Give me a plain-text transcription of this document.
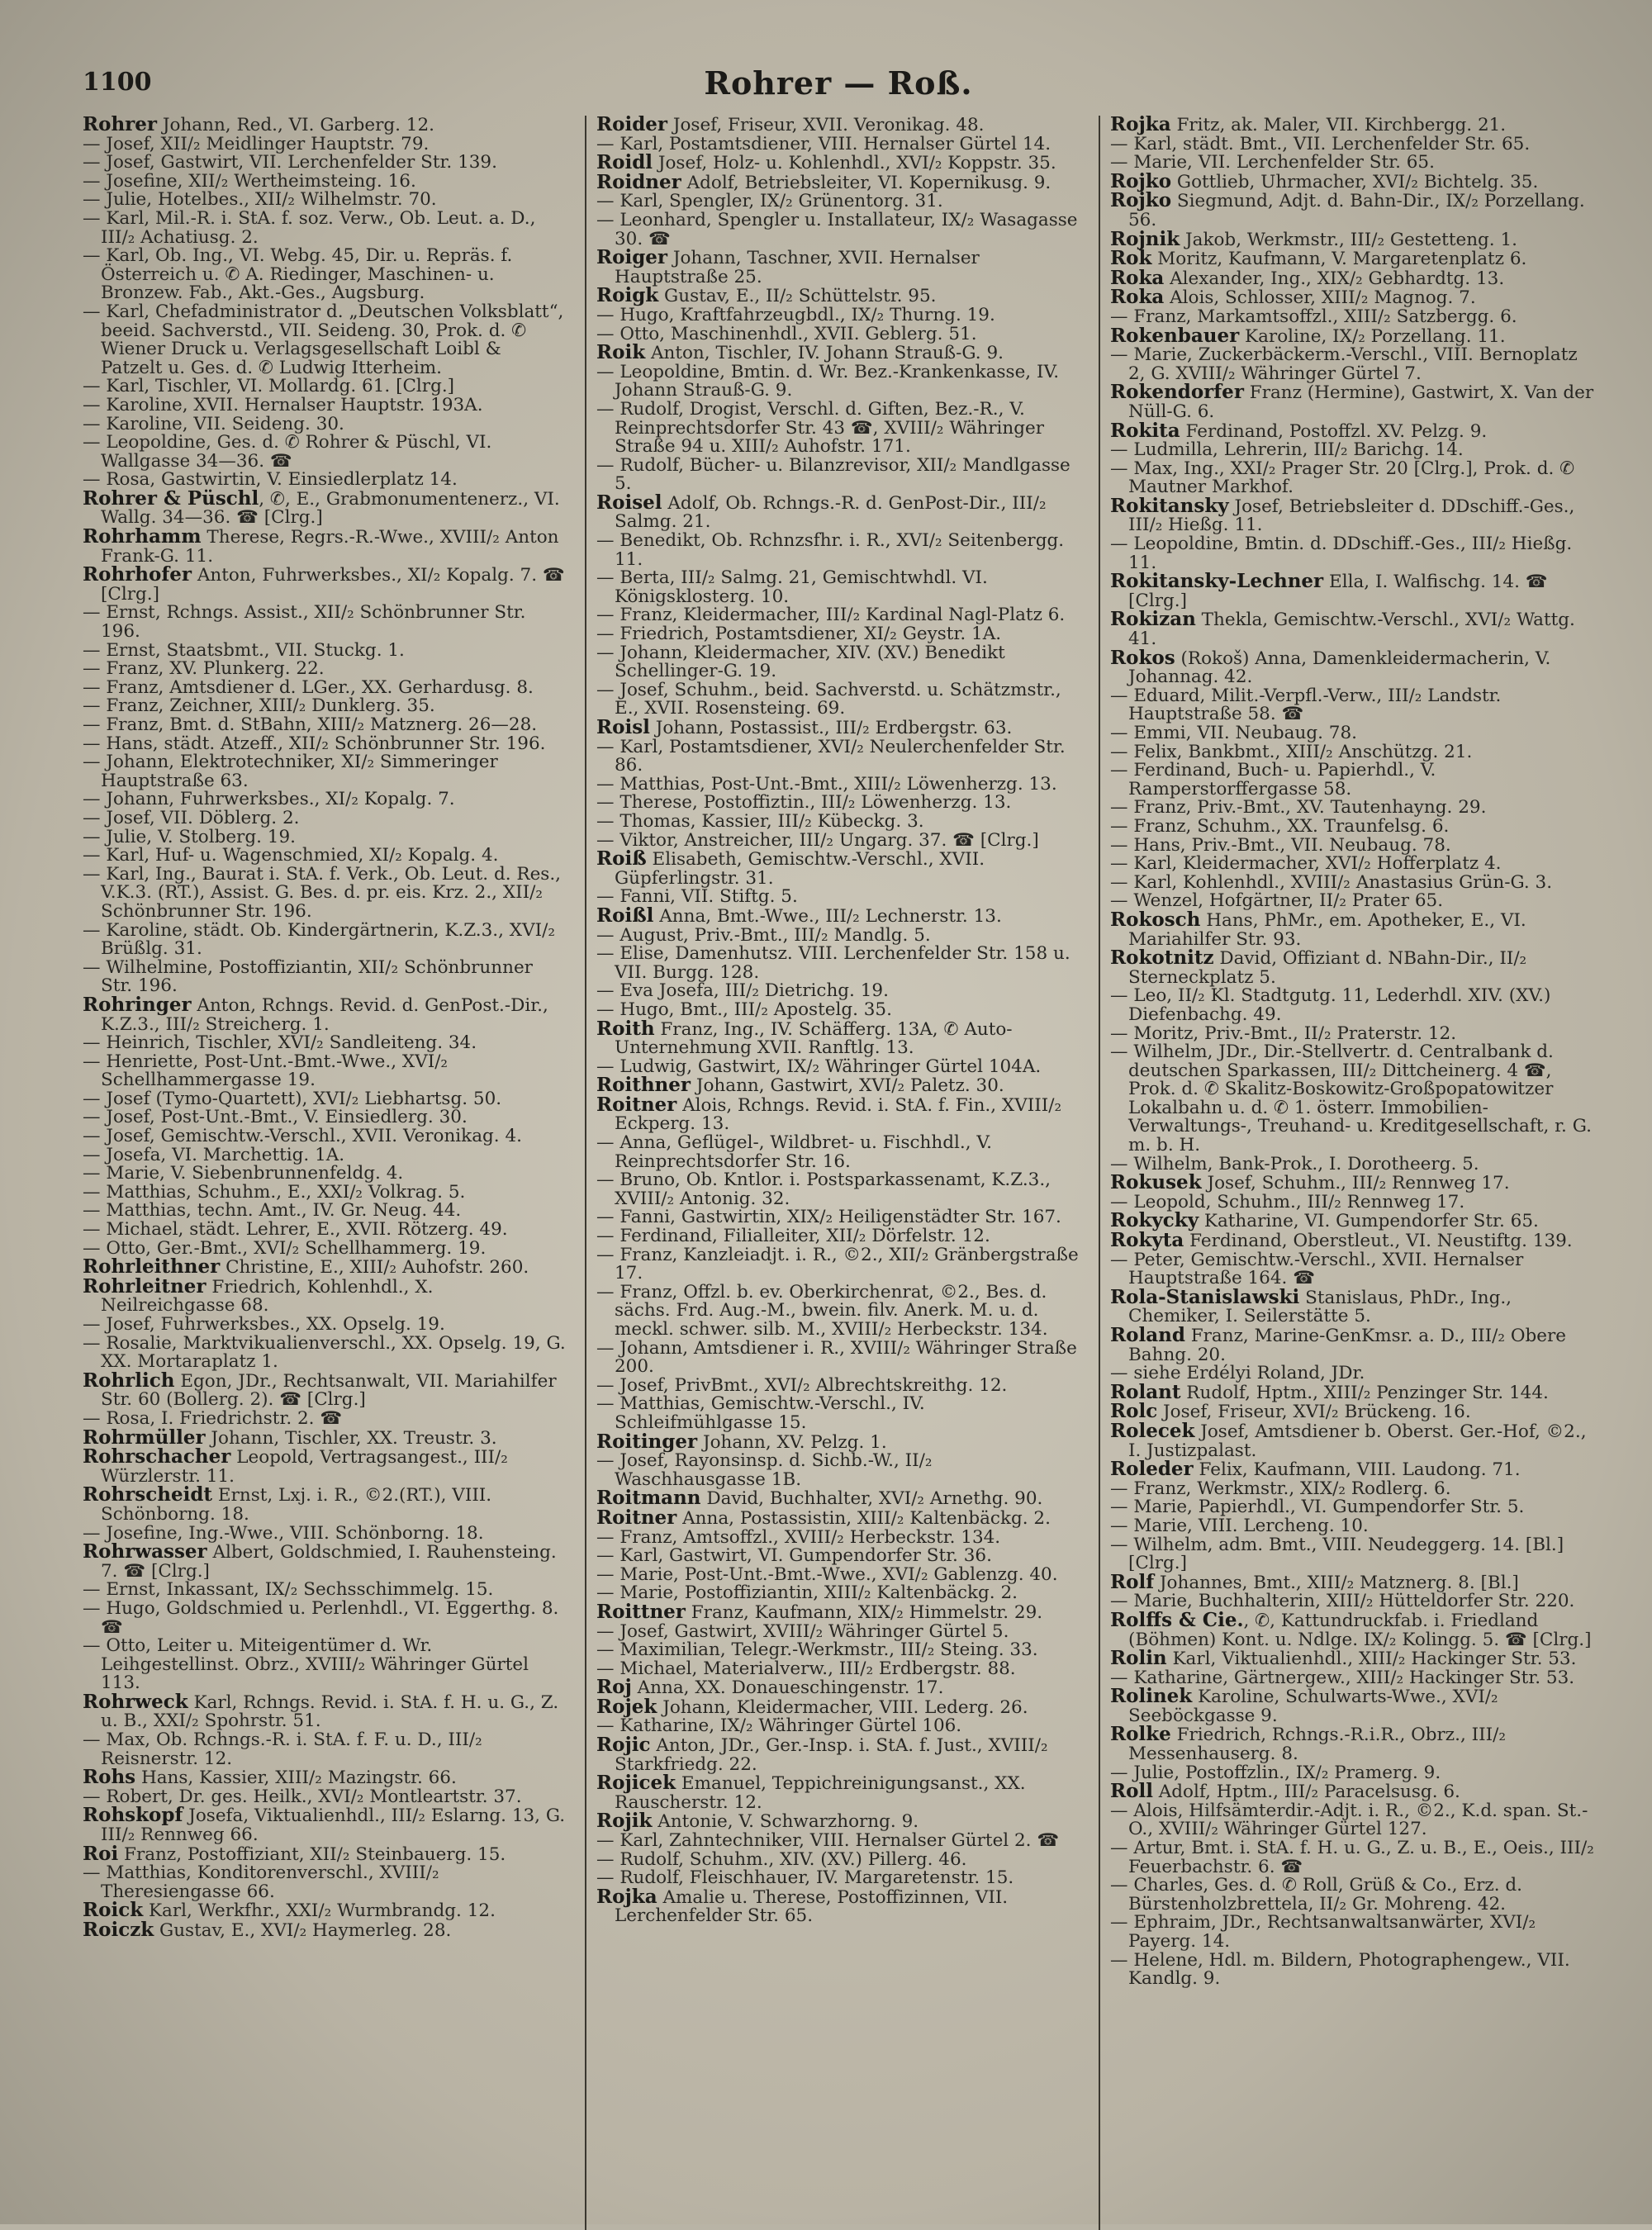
1100	Rohrer — Roß.

Rohrer Johann, Red., VI. Garberg. 12.

— Josef, XII/₂ Meidlinger Hauptstr. 79.

— Josef, Gastwirt, VII. Lerchenfelder Str. 139.

— Josefine, XII/₂ Wertheimsteing. 16.

— Julie, Hotelbes., XII/₂ Wilhelmstr. 70.

— Karl, Mil.-R. i. StA. f. soz. Verw., Ob. Leut. a. D., III/₂ Achatiusg. 2.

— Karl, Ob. Ing., VI. Webg. 45, Dir. u. Repräs. f. Österreich u. ✆ A. Riedinger, Maschinen- u. Bronzew. Fab., Akt.-Ges., Augsburg.

— Karl, Chefadministrator d. „Deutschen Volksblatt“, beeid. Sachverstd., VII. Seideng. 30, Prok. d. ✆ Wiener Druck u. Verlagsgesellschaft Loibl & Patzelt u. Ges. d. ✆ Ludwig Itterheim.

— Karl, Tischler, VI. Mollardg. 61. [Clrg.]

— Karoline, XVII. Hernalser Hauptstr. 193A.

— Karoline, VII. Seideng. 30.

— Leopoldine, Ges. d. ✆ Rohrer & Püschl, VI. Wallgasse 34—36. ☎

— Rosa, Gastwirtin, V. Einsiedlerplatz 14.

Rohrer & Püschl, ✆, E., Grabmonumentenerz., VI. Wallg. 34—36. ☎ [Clrg.]

Rohrhamm Therese, Regrs.-R.-Wwe., XVIII/₂ Anton Frank-G. 11.

Rohrhofer Anton, Fuhrwerksbes., XI/₂ Kopalg. 7. ☎ [Clrg.]

— Ernst, Rchngs. Assist., XII/₂ Schönbrunner Str. 196.

— Ernst, Staatsbmt., VII. Stuckg. 1.

— Franz, XV. Plunkerg. 22.

— Franz, Amtsdiener d. LGer., XX. Gerhardusg. 8.

— Franz, Zeichner, XIII/₂ Dunklerg. 35.

— Franz, Bmt. d. StBahn, XIII/₂ Matznerg. 26—28.

— Hans, städt. Atzeff., XII/₂ Schönbrunner Str. 196.

— Johann, Elektrotechniker, XI/₂ Simmeringer Hauptstraße 63.

— Johann, Fuhrwerksbes., XI/₂ Kopalg. 7.

— Josef, VII. Döblerg. 2.

— Julie, V. Stolberg. 19.

— Karl, Huf- u. Wagenschmied, XI/₂ Kopalg. 4.

— Karl, Ing., Baurat i. StA. f. Verk., Ob. Leut. d. Res., V.K.3. (RT.), Assist. G. Bes. d. pr. eis. Krz. 2., XII/₂ Schönbrunner Str. 196.

— Karoline, städt. Ob. Kindergärtnerin, K.Z.3., XVI/₂ Brüßlg. 31.

— Wilhelmine, Postoffiziantin, XII/₂ Schönbrunner Str. 196.

Rohringer Anton, Rchngs. Revid. d. GenPost.-Dir., K.Z.3., III/₂ Streicherg. 1.

— Heinrich, Tischler, XVI/₂ Sandleiteng. 34.

— Henriette, Post-Unt.-Bmt.-Wwe., XVI/₂ Schellhammergasse 19.

— Josef (Tymo-Quartett), XVI/₂ Liebhartsg. 50.

— Josef, Post-Unt.-Bmt., V. Einsiedlerg. 30.

— Josef, Gemischtw.-Verschl., XVII. Veronikag. 4.

— Josefa, VI. Marchettig. 1A.

— Marie, V. Siebenbrunnenfeldg. 4.

— Matthias, Schuhm., E., XXI/₂ Volkrag. 5.

— Matthias, techn. Amt., IV. Gr. Neug. 44.

— Michael, städt. Lehrer, E., XVII. Rötzerg. 49.

— Otto, Ger.-Bmt., XVI/₂ Schellhammerg. 19.

Rohrleithner Christine, E., XIII/₂ Auhofstr. 260.

Rohrleitner Friedrich, Kohlenhdl., X. Neilreichgasse 68.

— Josef, Fuhrwerksbes., XX. Opselg. 19.

— Rosalie, Marktvikualienverschl., XX. Opselg. 19, G. XX. Mortaraplatz 1.

Rohrlich Egon, JDr., Rechtsanwalt, VII. Mariahilfer Str. 60 (Bollerg. 2). ☎ [Clrg.]

— Rosa, I. Friedrichstr. 2. ☎

Rohrmüller Johann, Tischler, XX. Treustr. 3.

Rohrschacher Leopold, Vertragsangest., III/₂ Würzlerstr. 11.

Rohrscheidt Ernst, Lxj. i. R., ©2.(RT.), VIII. Schönborng. 18.

— Josefine, Ing.-Wwe., VIII. Schönborng. 18.

Rohrwasser Albert, Goldschmied, I. Rauhensteing. 7. ☎ [Clrg.]

— Ernst, Inkassant, IX/₂ Sechsschimmelg. 15.

— Hugo, Goldschmied u. Perlenhdl., VI. Eggerthg. 8. ☎

— Otto, Leiter u. Miteigentümer d. Wr. Leihgestellinst. Obrz., XVIII/₂ Währinger Gürtel 113.

Rohrweck Karl, Rchngs. Revid. i. StA. f. H. u. G., Z. u. B., XXI/₂ Spohrstr. 51.

— Max, Ob. Rchngs.-R. i. StA. f. F. u. D., III/₂ Reisnerstr. 12.

Rohs Hans, Kassier, XIII/₂ Mazingstr. 66.

— Robert, Dr. ges. Heilk., XVI/₂ Montleartstr. 37.

Rohskopf Josefa, Viktualienhdl., III/₂ Eslarng. 13, G. III/₂ Rennweg 66.

Roi Franz, Postoffiziant, XII/₂ Steinbauerg. 15.

— Matthias, Konditorenverschl., XVIII/₂ Theresiengasse 66.

Roick Karl, Werkfhr., XXI/₂ Wurmbrandg. 12.

Roiczk Gustav, E., XVI/₂ Haymerleg. 28.

Roider Josef, Friseur, XVII. Veronikag. 48.

— Karl, Postamtsdiener, VIII. Hernalser Gürtel 14.

Roidl Josef, Holz- u. Kohlenhdl., XVI/₂ Koppstr. 35.

Roidner Adolf, Betriebsleiter, VI. Kopernikusg. 9.

— Karl, Spengler, IX/₂ Grünentorg. 31.

— Leonhard, Spengler u. Installateur, IX/₂ Wasagasse 30. ☎

Roiger Johann, Taschner, XVII. Hernalser Hauptstraße 25.

Roigk Gustav, E., II/₂ Schüttelstr. 95.

— Hugo, Kraftfahrzeugbdl., IX/₂ Thurng. 19.

— Otto, Maschinenhdl., XVII. Geblerg. 51.

Roik Anton, Tischler, IV. Johann Strauß-G. 9.

— Leopoldine, Bmtin. d. Wr. Bez.-Krankenkasse, IV. Johann Strauß-G. 9.

— Rudolf, Drogist, Verschl. d. Giften, Bez.-R., V. Reinprechtsdorfer Str. 43 ☎, XVIII/₂ Währinger Straße 94 u. XIII/₂ Auhofstr. 171.

— Rudolf, Bücher- u. Bilanzrevisor, XII/₂ Mandlgasse 5.

Roisel Adolf, Ob. Rchngs.-R. d. GenPost-Dir., III/₂ Salmg. 21.

— Benedikt, Ob. Rchnzsfhr. i. R., XVI/₂ Seitenbergg. 11.

— Berta, III/₂ Salmg. 21, Gemischtwhdl. VI. Königsklosterg. 10.

— Franz, Kleidermacher, III/₂ Kardinal Nagl-Platz 6.

— Friedrich, Postamtsdiener, XI/₂ Geystr. 1A.

— Johann, Kleidermacher, XIV. (XV.) Benedikt Schellinger-G. 19.

— Josef, Schuhm., beid. Sachverstd. u. Schätzmstr., E., XVII. Rosensteing. 69.

Roisl Johann, Postassist., III/₂ Erdbergstr. 63.

— Karl, Postamtsdiener, XVI/₂ Neulerchenfelder Str. 86.

— Matthias, Post-Unt.-Bmt., XIII/₂ Löwenherzg. 13.

— Therese, Postoffiztin., III/₂ Löwenherzg. 13.

— Thomas, Kassier, III/₂ Kübeckg. 3.

— Viktor, Anstreicher, III/₂ Ungarg. 37. ☎ [Clrg.]

Roiß Elisabeth, Gemischtw.-Verschl., XVII. Güpferlingstr. 31.

— Fanni, VII. Stiftg. 5.

Roißl Anna, Bmt.-Wwe., III/₂ Lechnerstr. 13.

— August, Priv.-Bmt., III/₂ Mandlg. 5.

— Elise, Damenhutsz. VIII. Lerchenfelder Str. 158 u. VII. Burgg. 128.

— Eva Josefa, III/₂ Dietrichg. 19.

— Hugo, Bmt., III/₂ Apostelg. 35.

Roith Franz, Ing., IV. Schäfferg. 13A, ✆ Auto-Unternehmung XVII. Ranftlg. 13.

— Ludwig, Gastwirt, IX/₂ Währinger Gürtel 104A.

Roithner Johann, Gastwirt, XVI/₂ Paletz. 30.

Roitner Alois, Rchngs. Revid. i. StA. f. Fin., XVIII/₂ Eckperg. 13.

— Anna, Geflügel-, Wildbret- u. Fischhdl., V. Reinprechtsdorfer Str. 16.

— Bruno, Ob. Kntlor. i. Postsparkassenamt, K.Z.3., XVIII/₂ Antonig. 32.

— Fanni, Gastwirtin, XIX/₂ Heiligenstädter Str. 167.

— Ferdinand, Filialleiter, XII/₂ Dörfelstr. 12.

— Franz, Kanzleiadjt. i. R., ©2., XII/₂ Gränbergstraße 17.

— Franz, Offzl. b. ev. Oberkirchenrat, ©2., Bes. d. sächs. Frd. Aug.-M., bwein. filv. Anerk. M. u. d. meckl. schwer. silb. M., XVIII/₂ Herbeckstr. 134.

— Johann, Amtsdiener i. R., XVIII/₂ Währinger Straße 200.

— Josef, PrivBmt., XVI/₂ Albrechtskreithg. 12.

— Matthias, Gemischtw.-Verschl., IV. Schleifmühlgasse 15.

Roitinger Johann, XV. Pelzg. 1.

— Josef, Rayonsinsp. d. Sichb.-W., II/₂ Waschhausgasse 1B.

Roitmann David, Buchhalter, XVI/₂ Arnethg. 90.

Roitner Anna, Postassistin, XIII/₂ Kaltenbäckg. 2.

— Franz, Amtsoffzl., XVIII/₂ Herbeckstr. 134.

— Karl, Gastwirt, VI. Gumpendorfer Str. 36.

— Marie, Post-Unt.-Bmt.-Wwe., XVI/₂ Gablenzg. 40.

— Marie, Postoffiziantin, XIII/₂ Kaltenbäckg. 2.

Roittner Franz, Kaufmann, XIX/₂ Himmelstr. 29.

— Josef, Gastwirt, XVIII/₂ Währinger Gürtel 5.

— Maximilian, Telegr.-Werkmstr., III/₂ Steing. 33.

— Michael, Materialverw., III/₂ Erdbergstr. 88.

Roj Anna, XX. Donaueschingenstr. 17.

Rojek Johann, Kleidermacher, VIII. Lederg. 26.

— Katharine, IX/₂ Währinger Gürtel 106.

Rojic Anton, JDr., Ger.-Insp. i. StA. f. Just., XVIII/₂ Starkfriedg. 22.

Rojicek Emanuel, Teppichreinigungsanst., XX. Rauscherstr. 12.

Rojik Antonie, V. Schwarzhorng. 9.

— Karl, Zahntechniker, VIII. Hernalser Gürtel 2. ☎

— Rudolf, Schuhm., XIV. (XV.) Pillerg. 46.

— Rudolf, Fleischhauer, IV. Margaretenstr. 15.

Rojka Amalie u. Therese, Postoffizinnen, VII. Lerchenfelder Str. 65.

Rojka Fritz, ak. Maler, VII. Kirchbergg. 21.

— Karl, städt. Bmt., VII. Lerchenfelder Str. 65.

— Marie, VII. Lerchenfelder Str. 65.

Rojko Gottlieb, Uhrmacher, XVI/₂ Bichtelg. 35.

Rojko Siegmund, Adjt. d. Bahn-Dir., IX/₂ Porzellang. 56.

Rojnik Jakob, Werkmstr., III/₂ Gestetteng. 1.

Rok Moritz, Kaufmann, V. Margaretenplatz 6.

Roka Alexander, Ing., XIX/₂ Gebhardtg. 13.

Roka Alois, Schlosser, XIII/₂ Magnog. 7.

— Franz, Markamtsoffzl., XIII/₂ Satzbergg. 6.

Rokenbauer Karoline, IX/₂ Porzellang. 11.

— Marie, Zuckerbäckerm.-Verschl., VIII. Bernoplatz 2, G. XVIII/₂ Währinger Gürtel 7.

Rokendorfer Franz (Hermine), Gastwirt, X. Van der Nüll-G. 6.

Rokita Ferdinand, Postoffzl. XV. Pelzg. 9.

— Ludmilla, Lehrerin, III/₂ Barichg. 14.

— Max, Ing., XXI/₂ Prager Str. 20 [Clrg.], Prok. d. ✆ Mautner Markhof.

Rokitansky Josef, Betriebsleiter d. DDschiff.-Ges., III/₂ Hießg. 11.

— Leopoldine, Bmtin. d. DDschiff.-Ges., III/₂ Hießg. 11.

Rokitansky-Lechner Ella, I. Walfischg. 14. ☎ [Clrg.]

Rokizan Thekla, Gemischtw.-Verschl., XVI/₂ Wattg. 41.

Rokos (Rokoš) Anna, Damenkleidermacherin, V. Johannag. 42.

— Eduard, Milit.-Verpfl.-Verw., III/₂ Landstr. Hauptstraße 58. ☎

— Emmi, VII. Neubaug. 78.

— Felix, Bankbmt., XIII/₂ Anschützg. 21.

— Ferdinand, Buch- u. Papierhdl., V. Ramperstorffergasse 58.

— Franz, Priv.-Bmt., XV. Tautenhayng. 29.

— Franz, Schuhm., XX. Traunfelsg. 6.

— Hans, Priv.-Bmt., VII. Neubaug. 78.

— Karl, Kleidermacher, XVI/₂ Hofferplatz 4.

— Karl, Kohlenhdl., XVIII/₂ Anastasius Grün-G. 3.

— Wenzel, Hofgärtner, II/₂ Prater 65.

Rokosch Hans, PhMr., em. Apotheker, E., VI. Mariahilfer Str. 93.

Rokotnitz David, Offiziant d. NBahn-Dir., II/₂ Sterneckplatz 5.

— Leo, II/₂ Kl. Stadtgutg. 11, Lederhdl. XIV. (XV.) Diefenbachg. 49.

— Moritz, Priv.-Bmt., II/₂ Praterstr. 12.

— Wilhelm, JDr., Dir.-Stellvertr. d. Centralbank d. deutschen Sparkassen, III/₂ Dittcheinerg. 4 ☎, Prok. d. ✆ Skalitz-Boskowitz-Großpopatowitzer Lokalbahn u. d. ✆ 1. österr. Immobilien-Verwaltungs-, Treuhand- u. Kreditgesellschaft, r. G. m. b. H.

— Wilhelm, Bank-Prok., I. Dorotheerg. 5.

Rokusek Josef, Schuhm., III/₂ Rennweg 17.

— Leopold, Schuhm., III/₂ Rennweg 17.

Rokycky Katharine, VI. Gumpendorfer Str. 65.

Rokyta Ferdinand, Oberstleut., VI. Neustiftg. 139.

— Peter, Gemischtw.-Verschl., XVII. Hernalser Hauptstraße 164. ☎

Rola-Stanislawski Stanislaus, PhDr., Ing., Chemiker, I. Seilerstätte 5.

Roland Franz, Marine-GenKmsr. a. D., III/₂ Obere Bahng. 20.

— siehe Erdélyi Roland, JDr.

Rolant Rudolf, Hptm., XIII/₂ Penzinger Str. 144.

Rolc Josef, Friseur, XVI/₂ Brückeng. 16.

Rolecek Josef, Amtsdiener b. Oberst. Ger.-Hof, ©2., I. Justizpalast.

Roleder Felix, Kaufmann, VIII. Laudong. 71.

— Franz, Werkmstr., XIX/₂ Rodlerg. 6.

— Marie, Papierhdl., VI. Gumpendorfer Str. 5.

— Marie, VIII. Lercheng. 10.

— Wilhelm, adm. Bmt., VIII. Neudeggerg. 14. [Bl.] [Clrg.]

Rolf Johannes, Bmt., XIII/₂ Matznerg. 8. [Bl.]

— Marie, Buchhalterin, XIII/₂ Hütteldorfer Str. 220.

Rolffs & Cie., ✆, Kattundruckfab. i. Friedland (Böhmen) Kont. u. Ndlge. IX/₂ Kolingg. 5. ☎ [Clrg.]

Rolin Karl, Viktualienhdl., XIII/₂ Hackinger Str. 53.

— Katharine, Gärtnergew., XIII/₂ Hackinger Str. 53.

Rolinek Karoline, Schulwarts-Wwe., XVI/₂ Seeböckgasse 9.

Rolke Friedrich, Rchngs.-R.i.R., Obrz., III/₂ Messenhauserg. 8.

— Julie, Postoffzlin., IX/₂ Pramerg. 9.

Roll Adolf, Hptm., III/₂ Paracelsusg. 6.

— Alois, Hilfsämterdir.-Adjt. i. R., ©2., K.d. span. St.-O., XVIII/₂ Währinger Gürtel 127.

— Artur, Bmt. i. StA. f. H. u. G., Z. u. B., E., Oeis., III/₂ Feuerbachstr. 6. ☎

— Charles, Ges. d. ✆ Roll, Grüß & Co., Erz. d. Bürstenholzbrettela, II/₂ Gr. Mohreng. 42.

— Ephraim, JDr., Rechtsanwaltsanwärter, XVI/₂ Payerg. 14.

— Helene, Hdl. m. Bildern, Photographengew., VII. Kandlg. 9.
